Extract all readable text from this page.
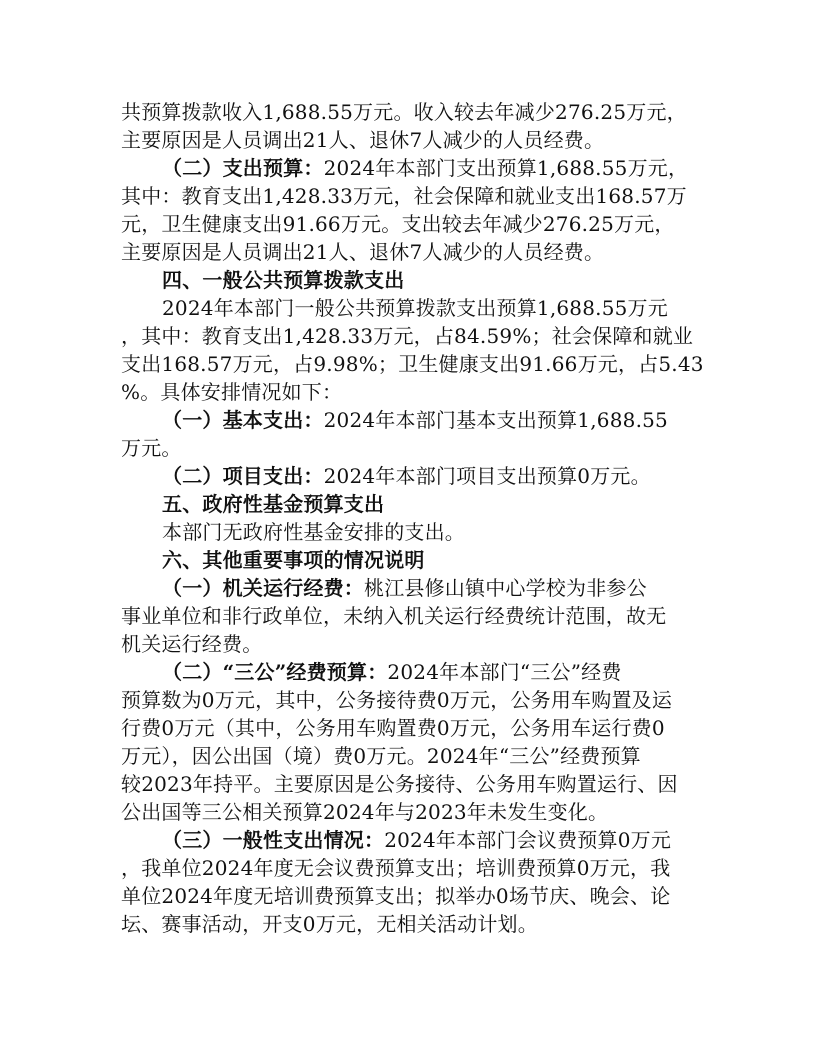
共预算拨款收入1,688.55万元。收入较去年减少276.25万元，
主要原因是人员调出21人、退休7人减少的人员经费。
（二）支出预算：2024年本部门支出预算1,688.55万元，
其中：教育支出1,428.33万元，社会保障和就业支出168.57万
元，卫生健康支出91.66万元。支出较去年减少276.25万元，
主要原因是人员调出21人、退休7人减少的人员经费。
四、一般公共预算拨款支出
2024年本部门一般公共预算拨款支出预算1,688.55万元
，其中：教育支出1,428.33万元，占84.59%；社会保障和就业
支出168.57万元，占9.98%；卫生健康支出91.66万元，占5.43
%。具体安排情况如下：
（一）基本支出：2024年本部门基本支出预算1,688.55
万元。
（二）项目支出：2024年本部门项目支出预算0万元。
五、政府性基金预算支出
本部门无政府性基金安排的支出。
六、其他重要事项的情况说明
（一）机关运行经费：桃江县修山镇中心学校为非参公
事业单位和非行政单位，未纳入机关运行经费统计范围，故无
机关运行经费。
（二）“三公”经费预算：2024年本部门“三公”经费
预算数为0万元，其中，公务接待费0万元，公务用车购置及运
行费0万元（其中，公务用车购置费0万元，公务用车运行费0
万元），因公出国（境）费0万元。2024年“三公”经费预算
较2023年持平。主要原因是公务接待、公务用车购置运行、因
公出国等三公相关预算2024年与2023年未发生变化。
（三）一般性支出情况：2024年本部门会议费预算0万元
，我单位2024年度无会议费预算支出；培训费预算0万元，我
单位2024年度无培训费预算支出；拟举办0场节庆、晚会、论
坛、赛事活动，开支0万元，无相关活动计划。
